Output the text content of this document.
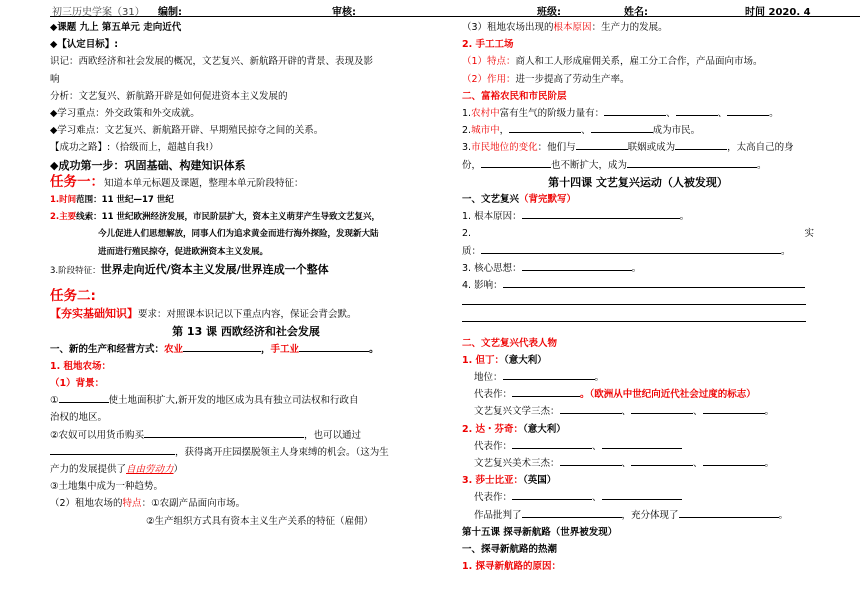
初三历史学案（31） 编制:	审核:	班级:	姓名:	时间 2020. 4
◆课题 九上 第五单元 走向近代
◆【认定目标】:
识记：西欧经济和社会发展的概况，文艺复兴、新航路开辟的背景、表现及影
响
分析：文艺复兴、新航路开辟是如何促进资本主义发展的
◆学习重点：外交政策和外交成就。
◆学习难点：文艺复兴、新航路开辟、早期殖民掠夺之间的关系。
【成功之路】:（拾级而上，超越自我!）
◆成功第一步：巩固基础、构建知识体系
任务一：知道本单元标题及课题，整理本单元阶段特征：
1.时间范围：11 世纪—17 世纪
2.主要线索：11 世纪欧洲经济发展，市民阶层扩大，资本主义萌芽产生导致文艺复兴，
今儿促进人们思想解放，同事人们为追求黄金而进行海外探险，发现新大陆
进而进行殖民掠夺，促进欧洲资本主义发展。
3.阶段特征：世界走向近代/资本主义发展/世界连成一个整体
任务二:
【夯实基础知识】要求：对照课本识记以下重点内容，保证会背会默。
第 13 课 西欧经济和社会发展
一、新的生产和经营方式：农业	，手工业	。
1. 租地农场：
（1）背景：
①	使土地面积扩大,新开发的地区成为具有独立司法权和行政自
治权的地区。
②农奴可以用货币购买	，也可以通过
，获得离开庄园摆脱领主人身束缚的机会。（这为生
产力的发展提供了自由劳动力）
③土地集中成为一种趋势。
（2）租地农场的特点：①农副产品面向市场。
②生产组织方式具有资本主义生产关系的特征（雇佣）
（3）租地农场出现的根本原因：生产力的发展。
2. 手工工场
（1）特点：商人和工人形成雇佣关系，雇工分工合作，产品面向市场。
（2）作用：进一步提高了劳动生产率。
二、富裕农民和市民阶层
1.农村中富有生气的阶级力量有：	、	、	。
2.城市中，	、	成为市民。
3.市民地位的变化：他们与	联姻或成为	，太高自己的身
份，	也不断扩大，成为	。
第十四课 文艺复兴运动（人被发现）
一、文艺复兴（背完默写）
1. 根本原因：	。
2.	实
质：	。
3. 核心思想：	。
4. 影响：
二、文艺复兴代表人物
1. 但丁：（意大利）
地位：	。
代表作：	。（欧洲从中世纪向近代社会过度的标志）
文艺复兴文学三杰：	、	、	。
2. 达・芬奇：（意大利）
代表作：	、
文艺复兴美术三杰：	、	、	。
3. 莎士比亚：（英国）
代表作：	、
作品批判了	，充分体现了	。
第十五课 探寻新航路（世界被发现）
一、探寻新航路的热潮
1. 探寻新航路的原因：
